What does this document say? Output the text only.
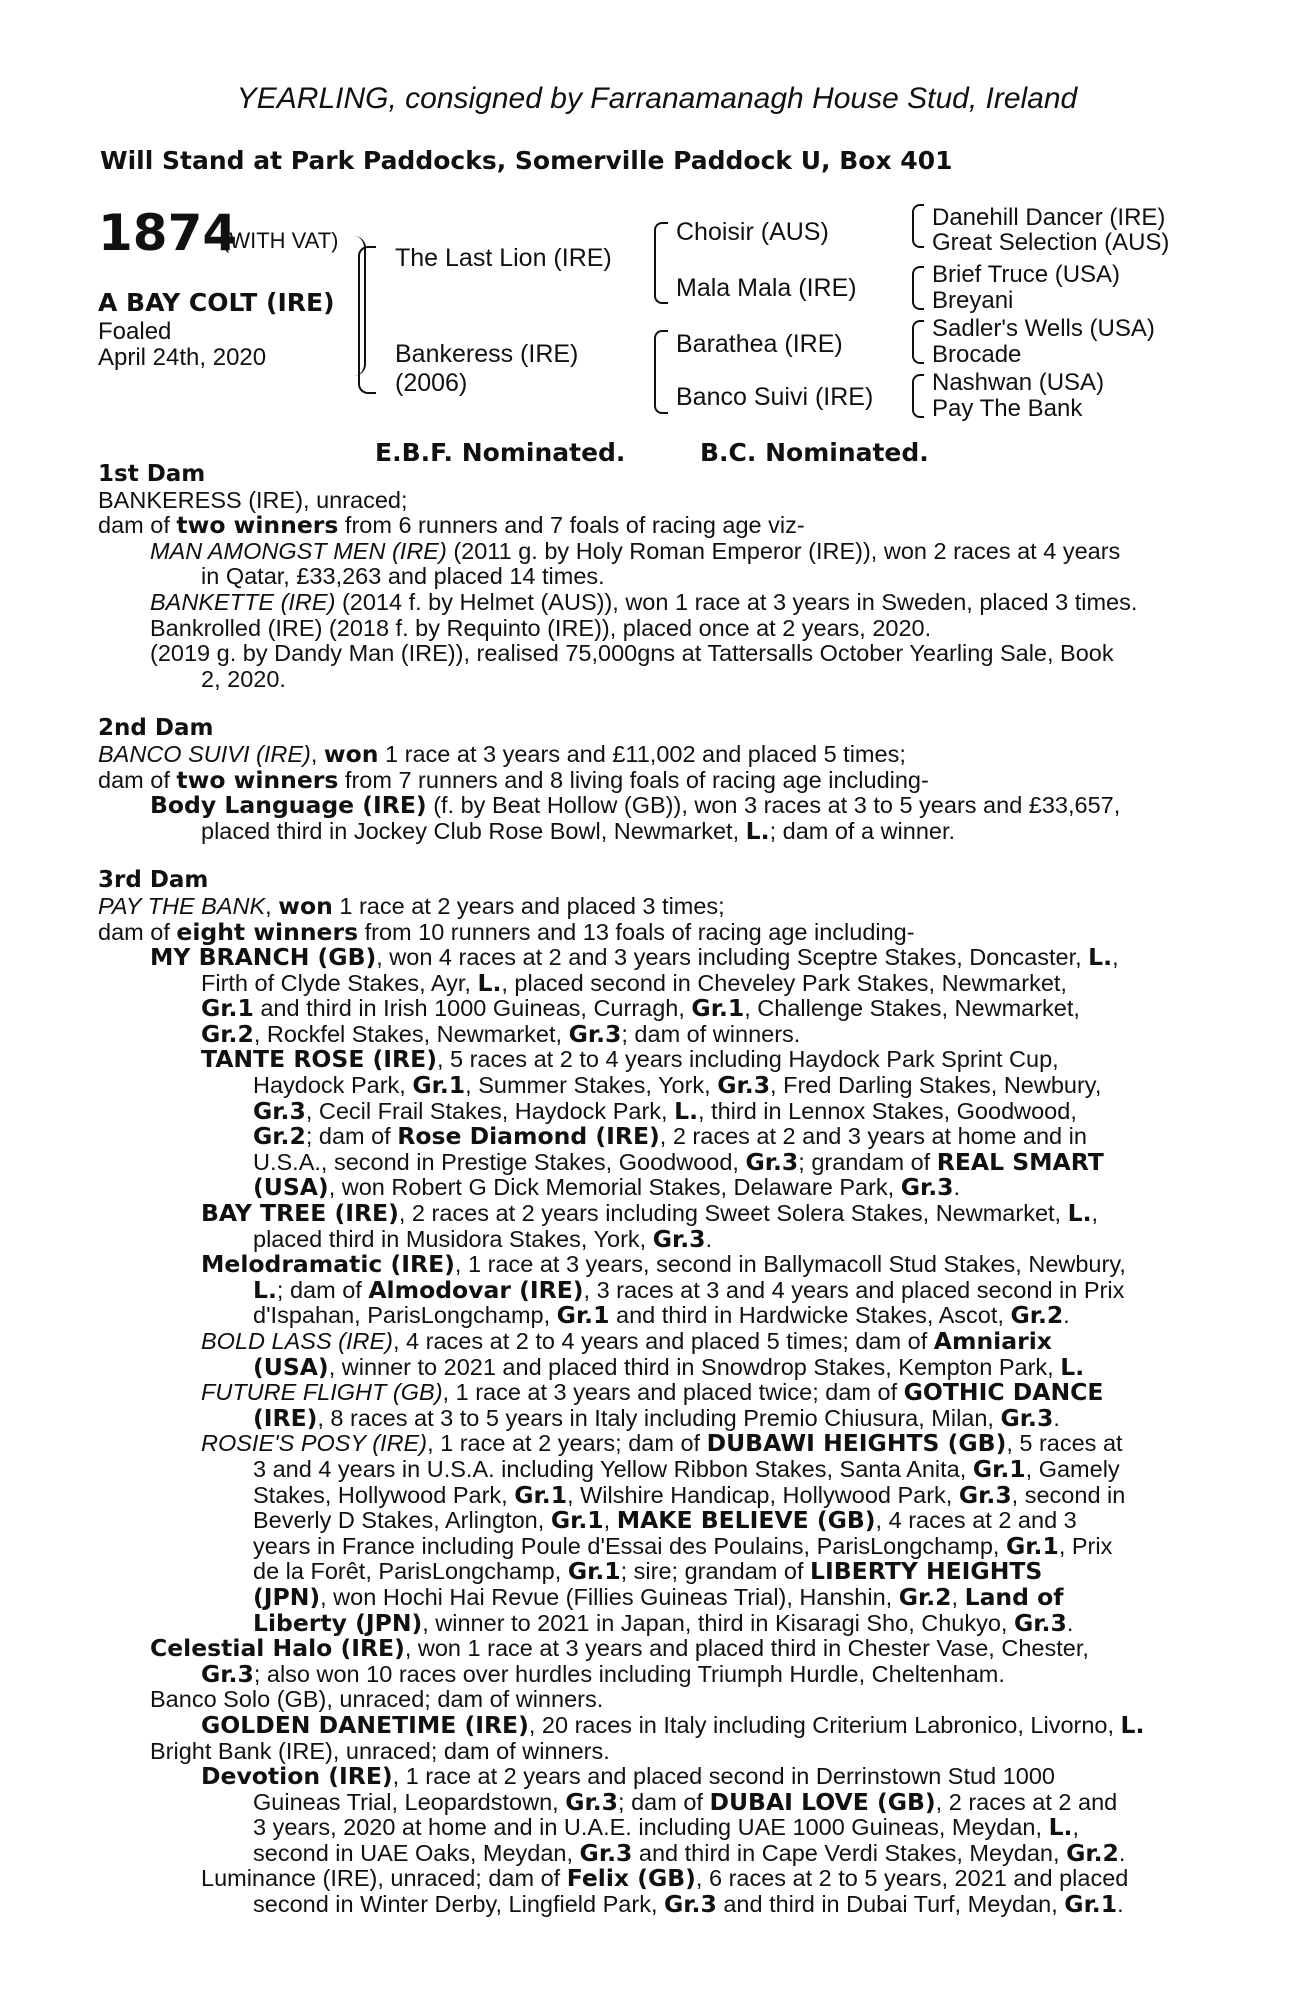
YEARLING, consigned by Farranamanagh House Stud, Ireland
Will Stand at Park Paddocks, Somerville Paddock U, Box 401
1874
(WITH VAT)
A BAY COLT (IRE)
Foaled
April 24th, 2020
The Last Lion (IRE)
Bankeress (IRE)
(2006)
Choisir (AUS)
Mala Mala (IRE)
Barathea (IRE)
Banco Suivi (IRE)
Danehill Dancer (IRE)
Great Selection (AUS)
Brief Truce (USA)
Breyani
Sadler's Wells (USA)
Brocade
Nashwan (USA)
Pay The Bank
E.B.F. Nominated.	B.C. Nominated.
1st Dam
BANKERESS (IRE), unraced;
dam of two winners from 6 runners and 7 foals of racing age viz-
MAN AMONGST MEN (IRE) (2011 g. by Holy Roman Emperor (IRE)), won 2 races at 4 years
in Qatar, £33,263 and placed 14 times.
BANKETTE (IRE) (2014 f. by Helmet (AUS)), won 1 race at 3 years in Sweden, placed 3 times.
Bankrolled (IRE) (2018 f. by Requinto (IRE)), placed once at 2 years, 2020.
(2019 g. by Dandy Man (IRE)), realised 75,000gns at Tattersalls October Yearling Sale, Book
2, 2020.
2nd Dam
BANCO SUIVI (IRE), won 1 race at 3 years and £11,002 and placed 5 times;
dam of two winners from 7 runners and 8 living foals of racing age including-
Body Language (IRE) (f. by Beat Hollow (GB)), won 3 races at 3 to 5 years and £33,657,
placed third in Jockey Club Rose Bowl, Newmarket, L.; dam of a winner.
3rd Dam
PAY THE BANK, won 1 race at 2 years and placed 3 times;
dam of eight winners from 10 runners and 13 foals of racing age including-
MY BRANCH (GB), won 4 races at 2 and 3 years including Sceptre Stakes, Doncaster, L.,
Firth of Clyde Stakes, Ayr, L., placed second in Cheveley Park Stakes, Newmarket,
Gr.1 and third in Irish 1000 Guineas, Curragh, Gr.1, Challenge Stakes, Newmarket,
Gr.2, Rockfel Stakes, Newmarket, Gr.3; dam of winners.
TANTE ROSE (IRE), 5 races at 2 to 4 years including Haydock Park Sprint Cup,
Haydock Park, Gr.1, Summer Stakes, York, Gr.3, Fred Darling Stakes, Newbury,
Gr.3, Cecil Frail Stakes, Haydock Park, L., third in Lennox Stakes, Goodwood,
Gr.2; dam of Rose Diamond (IRE), 2 races at 2 and 3 years at home and in
U.S.A., second in Prestige Stakes, Goodwood, Gr.3; grandam of REAL SMART
(USA), won Robert G Dick Memorial Stakes, Delaware Park, Gr.3.
BAY TREE (IRE), 2 races at 2 years including Sweet Solera Stakes, Newmarket, L.,
placed third in Musidora Stakes, York, Gr.3.
Melodramatic (IRE), 1 race at 3 years, second in Ballymacoll Stud Stakes, Newbury,
L.; dam of Almodovar (IRE), 3 races at 3 and 4 years and placed second in Prix
d'Ispahan, ParisLongchamp, Gr.1 and third in Hardwicke Stakes, Ascot, Gr.2.
BOLD LASS (IRE), 4 races at 2 to 4 years and placed 5 times; dam of Amniarix
(USA), winner to 2021 and placed third in Snowdrop Stakes, Kempton Park, L.
FUTURE FLIGHT (GB), 1 race at 3 years and placed twice; dam of GOTHIC DANCE
(IRE), 8 races at 3 to 5 years in Italy including Premio Chiusura, Milan, Gr.3.
ROSIE'S POSY (IRE), 1 race at 2 years; dam of DUBAWI HEIGHTS (GB), 5 races at
3 and 4 years in U.S.A. including Yellow Ribbon Stakes, Santa Anita, Gr.1, Gamely
Stakes, Hollywood Park, Gr.1, Wilshire Handicap, Hollywood Park, Gr.3, second in
Beverly D Stakes, Arlington, Gr.1, MAKE BELIEVE (GB), 4 races at 2 and 3
years in France including Poule d'Essai des Poulains, ParisLongchamp, Gr.1, Prix
de la Forêt, ParisLongchamp, Gr.1; sire; grandam of LIBERTY HEIGHTS
(JPN), won Hochi Hai Revue (Fillies Guineas Trial), Hanshin, Gr.2, Land of
Liberty (JPN), winner to 2021 in Japan, third in Kisaragi Sho, Chukyo, Gr.3.
Celestial Halo (IRE), won 1 race at 3 years and placed third in Chester Vase, Chester,
Gr.3; also won 10 races over hurdles including Triumph Hurdle, Cheltenham.
Banco Solo (GB), unraced; dam of winners.
GOLDEN DANETIME (IRE), 20 races in Italy including Criterium Labronico, Livorno, L.
Bright Bank (IRE), unraced; dam of winners.
Devotion (IRE), 1 race at 2 years and placed second in Derrinstown Stud 1000
Guineas Trial, Leopardstown, Gr.3; dam of DUBAI LOVE (GB), 2 races at 2 and
3 years, 2020 at home and in U.A.E. including UAE 1000 Guineas, Meydan, L.,
second in UAE Oaks, Meydan, Gr.3 and third in Cape Verdi Stakes, Meydan, Gr.2.
Luminance (IRE), unraced; dam of Felix (GB), 6 races at 2 to 5 years, 2021 and placed
second in Winter Derby, Lingfield Park, Gr.3 and third in Dubai Turf, Meydan, Gr.1.
